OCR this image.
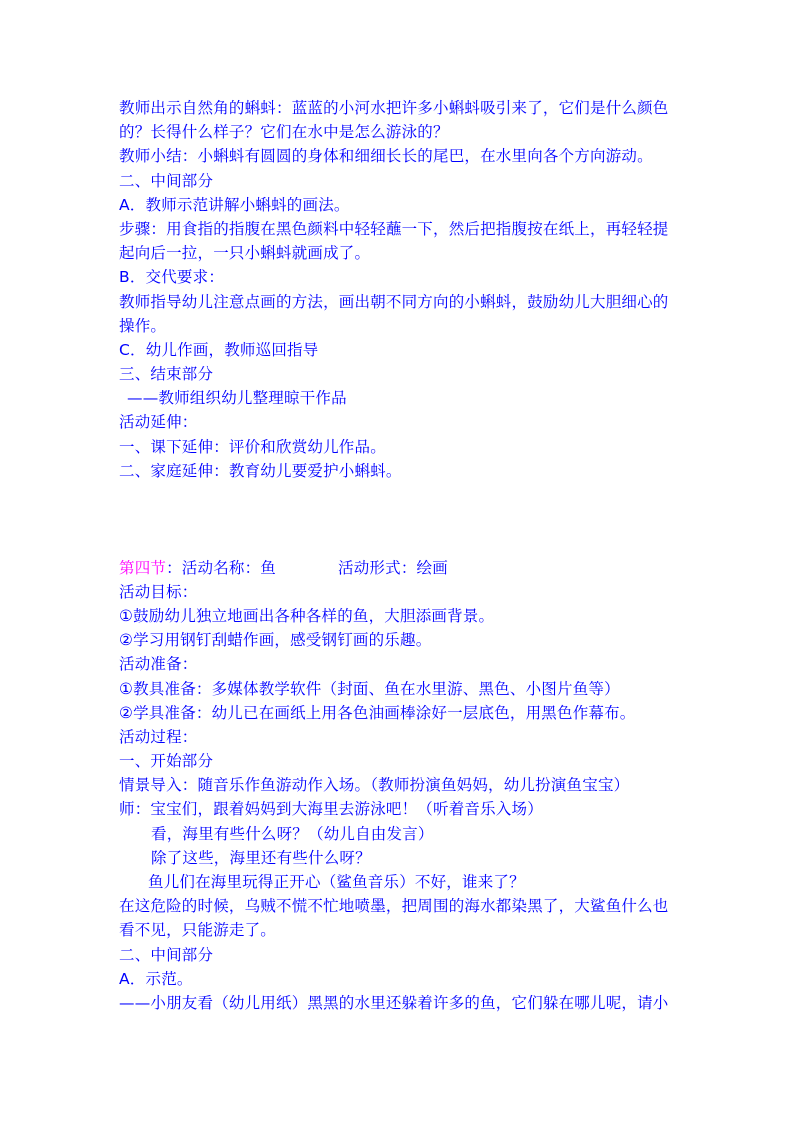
教师出示自然角的蝌蚪：蓝蓝的小河水把许多小蝌蚪吸引来了，它们是什么颜色
的？长得什么样子？它们在水中是怎么游泳的？
教师小结：小蝌蚪有圆圆的身体和细细长长的尾巴，在水里向各个方向游动。
二、中间部分
A．教师示范讲解小蝌蚪的画法。
步骤：用食指的指腹在黑色颜料中轻轻蘸一下，然后把指腹按在纸上，再轻轻提
起向后一拉，一只小蝌蚪就画成了。
B．交代要求：
教师指导幼儿注意点画的方法，画出朝不同方向的小蝌蚪，鼓励幼儿大胆细心的
操作。
C．幼儿作画，教师巡回指导
三、结束部分
——教师组织幼儿整理晾干作品
活动延伸：
一、课下延伸：评价和欣赏幼儿作品。
二、家庭延伸：教育幼儿要爱护小蝌蚪。
第四节：活动名称：鱼	活动形式：绘画
活动目标：
①鼓励幼儿独立地画出各种各样的鱼，大胆添画背景。
②学习用钢钉刮蜡作画，感受钢钉画的乐趣。
活动准备：
①教具准备：多媒体教学软件（封面、鱼在水里游、黑色、小图片鱼等）
②学具准备：幼儿已在画纸上用各色油画棒涂好一层底色，用黑色作幕布。
活动过程：
一、开始部分
情景导入：随音乐作鱼游动作入场。（教师扮演鱼妈妈，幼儿扮演鱼宝宝）
师：宝宝们，跟着妈妈到大海里去游泳吧！（听着音乐入场）
看，海里有些什么呀？（幼儿自由发言）
除了这些，海里还有些什么呀？
鱼儿们在海里玩得正开心（鲨鱼音乐）不好，谁来了？
在这危险的时候，乌贼不慌不忙地喷墨，把周围的海水都染黑了，大鲨鱼什么也
看不见，只能游走了。
二、中间部分
A．示范。
——小朋友看（幼儿用纸）黑黑的水里还躲着许多的鱼，它们躲在哪儿呢，请小
